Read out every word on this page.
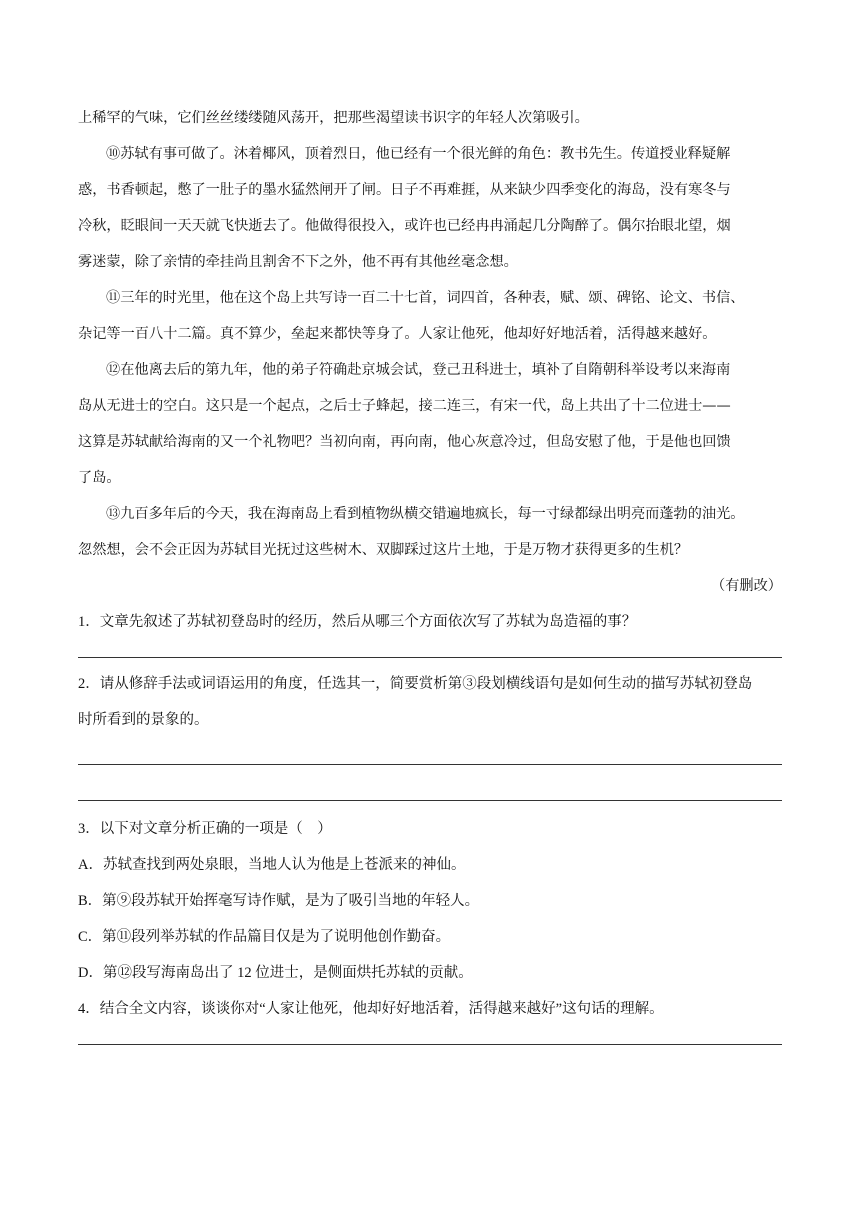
上稀罕的气味，它们丝丝缕缕随风荡开，把那些渴望读书识字的年轻人次第吸引。

⑩苏轼有事可做了。沐着椰风，顶着烈日，他已经有一个很光鲜的角色：教书先生。传道授业释疑解

惑，书香顿起，憋了一肚子的墨水猛然闸开了闸。日子不再难捱，从来缺少四季变化的海岛，没有寒冬与

冷秋，眨眼间一天天就飞快逝去了。他做得很投入，或许也已经冉冉涌起几分陶醉了。偶尔抬眼北望，烟

雾迷蒙，除了亲情的牵挂尚且割舍不下之外，他不再有其他丝毫念想。

⑪三年的时光里，他在这个岛上共写诗一百二十七首，词四首，各种表，赋、颂、碑铭、论文、书信、

杂记等一百八十二篇。真不算少，垒起来都快等身了。人家让他死，他却好好地活着，活得越来越好。

⑫在他离去后的第九年，他的弟子符确赴京城会试，登己丑科进士，填补了自隋朝科举设考以来海南

岛从无进士的空白。这只是一个起点，之后士子蜂起，接二连三，有宋一代，岛上共出了十二位进士——

这算是苏轼献给海南的又一个礼物吧？当初向南，再向南，他心灰意冷过，但岛安慰了他，于是他也回馈

了岛。

⑬九百多年后的今天，我在海南岛上看到植物纵横交错遍地疯长，每一寸绿都绿出明亮而蓬勃的油光。

忽然想，会不会正因为苏轼目光抚过这些树木、双脚踩过这片土地，于是万物才获得更多的生机？

（有删改）

1．文章先叙述了苏轼初登岛时的经历，然后从哪三个方面依次写了苏轼为岛造福的事？

2．请从修辞手法或词语运用的角度，任选其一，简要赏析第③段划横线语句是如何生动的描写苏轼初登岛

时所看到的景象的。

3．以下对文章分析正确的一项是（　）

A．苏轼查找到两处泉眼，当地人认为他是上苍派来的神仙。

B．第⑨段苏轼开始挥毫写诗作赋，是为了吸引当地的年轻人。

C．第⑪段列举苏轼的作品篇目仅是为了说明他创作勤奋。

D．第⑫段写海南岛出了 12 位进士，是侧面烘托苏轼的贡献。

4．结合全文内容，谈谈你对“人家让他死，他却好好地活着，活得越来越好”这句话的理解。
